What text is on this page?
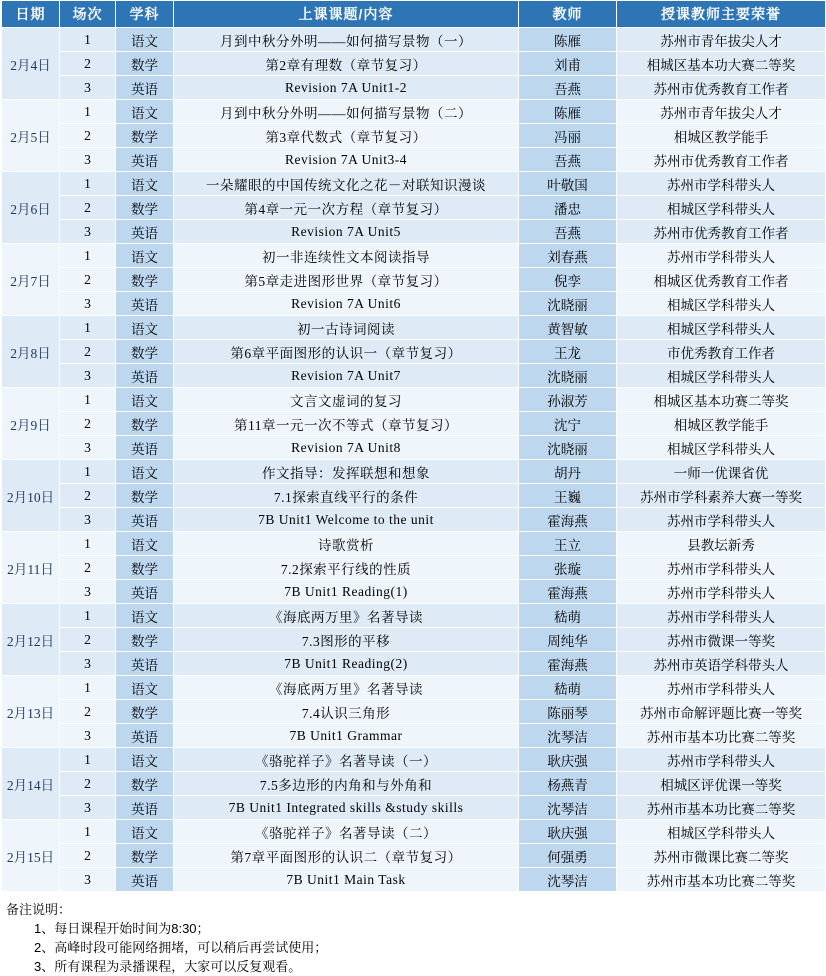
日期	场次	学科	上课课题/内容	教师	授课教师主要荣誉
2月4日	1	语文	月到中秋分外明――如何描写景物（一）	陈雁	苏州市青年拔尖人才
	2	数学	第2章有理数（章节复习）	刘甫	相城区基本功大赛二等奖
	3	英语	Revision 7A Unit1-2	吾燕	苏州市优秀教育工作者
2月5日	1	语文	月到中秋分外明――如何描写景物（二）	陈雁	苏州市青年拔尖人才
	2	数学	第3章代数式（章节复习）	冯丽	相城区教学能手
	3	英语	Revision 7A Unit3-4	吾燕	苏州市优秀教育工作者
2月6日	1	语文	一朵耀眼的中国传统文化之花－对联知识漫谈	叶敬国	苏州市学科带头人
	2	数学	第4章一元一次方程（章节复习）	潘忠	相城区学科带头人
	3	英语	Revision 7A Unit5	吾燕	苏州市优秀教育工作者
2月7日	1	语文	初一非连续性文本阅读指导	刘春燕	苏州市学科带头人
	2	数学	第5章走进图形世界（章节复习）	倪孪	相城区优秀教育工作者
	3	英语	Revision 7A Unit6	沈晓丽	相城区学科带头人
2月8日	1	语文	初一古诗词阅读	黄智敏	相城区学科带头人
	2	数学	第6章平面图形的认识一（章节复习）	王龙	市优秀教育工作者
	3	英语	Revision 7A Unit7	沈晓丽	相城区学科带头人
2月9日	1	语文	文言文虚词的复习	孙淑芳	相城区基本功赛二等奖
	2	数学	第11章一元一次不等式（章节复习）	沈宁	相城区教学能手
	3	英语	Revision 7A Unit8	沈晓丽	相城区学科带头人
2月10日	1	语文	作文指导：发挥联想和想象	胡丹	一师一优课省优
	2	数学	7.1探索直线平行的条件	王巍	苏州市学科素养大赛一等奖
	3	英语	7B Unit1 Welcome to the unit	霍海燕	苏州市学科带头人
2月11日	1	语文	诗歌赏析	王立	县教坛新秀
	2	数学	7.2探索平行线的性质	张璇	苏州市学科带头人
	3	英语	7B Unit1 Reading(1)	霍海燕	苏州市学科带头人
2月12日	1	语文	《海底两万里》名著导读	嵇萌	苏州市学科带头人
	2	数学	7.3图形的平移	周纯华	苏州市微课一等奖
	3	英语	7B Unit1 Reading(2)	霍海燕	苏州市英语学科带头人
2月13日	1	语文	《海底两万里》名著导读	嵇萌	苏州市学科带头人
	2	数学	7.4认识三角形	陈丽琴	苏州市命解评题比赛一等奖
	3	英语	7B Unit1 Grammar	沈琴洁	苏州市基本功比赛二等奖
2月14日	1	语文	《骆驼祥子》名著导读（一）	耿庆强	苏州市学科带头人
	2	数学	7.5多边形的内角和与外角和	杨燕青	相城区评优课一等奖
	3	英语	7B Unit1 Integrated skills &study skills	沈琴洁	苏州市基本功比赛二等奖
2月15日	1	语文	《骆驼祥子》名著导读（二）	耿庆强	相城区学科带头人
	2	数学	第7章平面图形的认识二（章节复习）	何强勇	苏州市微课比赛二等奖
	3	英语	7B Unit1 Main Task	沈琴洁	苏州市基本功比赛二等奖
备注说明：
1、每日课程开始时间为8:30；
2、高峰时段可能网络拥堵，可以稍后再尝试使用；
3、所有课程为录播课程，大家可以反复观看。
